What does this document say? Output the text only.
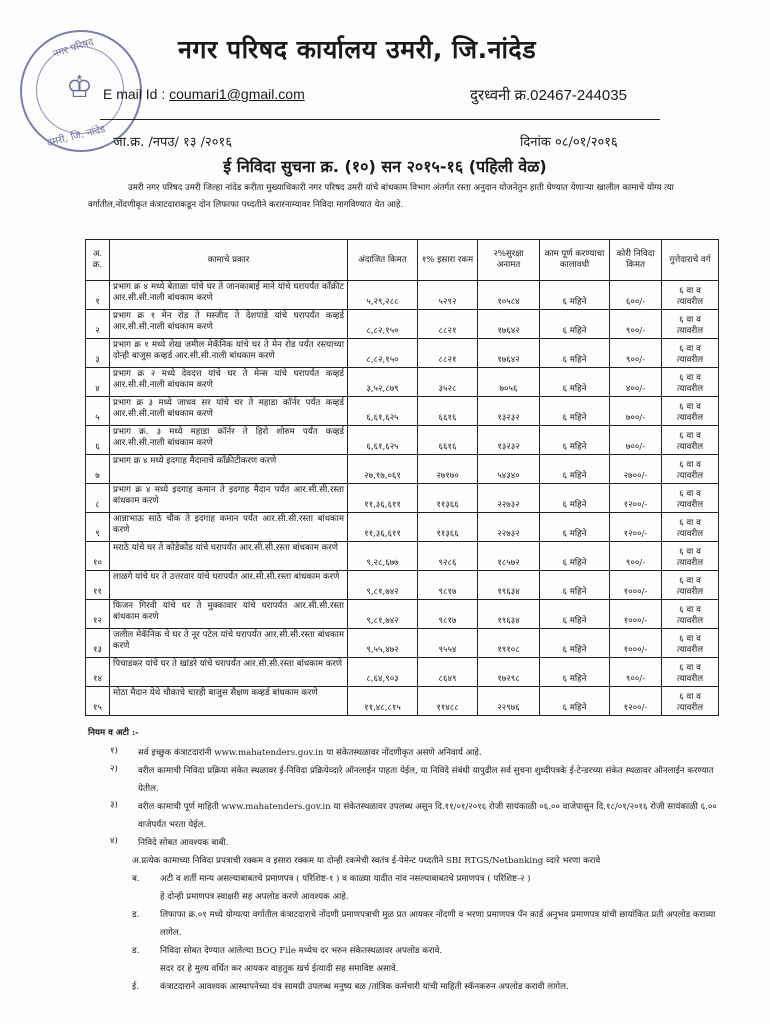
नगर परिषद
♔
उमरी, जि. नांदेड
नगर परिषद कार्यालय उमरी, जि.नांदेड
E mail Id : coumari1@gmail.com	दुरध्वनी क्र.02467-244035
जा.क्र. /नपउ/ १३ /२०१६	दिनांक ०८/०१/२०१६
ई निविदा सुचना क्र. (१०) सन २०१५-१६ (पहिली वेळ)
उमरी नगर परिषद उमरी जिल्हा नांदेड करीता मुख्याधिकारी नगर परिषद उमरी यांचे बांधकाम विभाग अंतर्गत रस्ता अनुदान योजनेतुन हाती घेण्यात येणाऱ्या खालील कामाचे योग्य त्या वर्गातील,नोंदणीकृत कंत्राटदाराकडून दोन लिफाफा पध्दतीने करारनाम्यावर निविदा मागविण्यात येत आहे.
अ. क्र.	कामाचे प्रकार	अंदाजित किमत	१% इसारा रकम	२%सुरक्षा अनामत	काम पूर्ण करण्याचा कालावधी	कोरी निविदा किमत	गुत्तेदाराचे वर्ग
१	प्रभाग क्र ४ मध्ये बेताळा यांचे घर ते जानकाबाई माने यांचे घरापर्यंत काँक्रीट आर.सी.सी.नाली बांधकाम करणे	५,२९,२८८	५२९२	१०५८४	६ महिने	६००/-	६ वा व त्यावरील
२	प्रभाग क्र १ मेन रोड ते मस्जीद ते देशपांडे यांचे घरापर्यंत कव्हर्ड आर.सी.सी.नाली बांधकाम करणे	८,८२,१५०	८८२१	१७६४२	६ महिने	९००/-	६ वा व त्यावरील
३	प्रभाग क्र १ मध्ये शेख जमील मेकॅनिक यांचे घर ते मेन रोड पर्यंत रस्त्याच्या दोन्ही बाजुस कव्हर्ड आर.सी.सी.नाली बांधकाम करणे	८,८२,१५०	८८२१	१७६४२	६ महिने	९००/-	६ वा व त्यावरील
४	प्रभाग क्र २ मध्ये देवदत्त यांचे घर ते मेन्स यांचे घरापर्यंत कव्हर्ड आर.सी.सी.नाली बांधकाम करणे	३,५२,८७९	३५२८	७०५६	६ महिने	४००/-	६ वा व त्यावरील
५	प्रभाग क्र ३ मध्ये जाधव सर यांचे घर ते महाडा कॉर्नर पर्यंत कव्हर्ड आर.सी.सी.नाली बांधकाम करणे	६,६१,६२५	६६१६	१३२३२	६ महिने	७००/-	६ वा व त्यावरील
६	प्रभाग क्र. ३ मध्ये महाडा कॉर्नर ते हिरो शोरुम पर्यंत कव्हर्ड आर.सी.सी.नाली बांधकाम करणे	६,६१,६२५	६६१६	१३२३२	६ महिने	७००/-	६ वा व त्यावरील
७	प्रभाग क्र ४ मध्ये इदगाह मैदानाचे काँक्रीटीकरण करणे	२७,१७,०६१	२७१७०	५४३४०	६ महिने	२७००/-	६ वा व त्यावरील
८	प्रभाग क्र ४ मध्ये इदगाह कमान ते इदगाह मैदान पर्यंत आर.सी.सी.रस्ता बांधकाम करणे	११,३६,६११	११३६६	२२७३२	६ महिने	१२००/-	६ वा व त्यावरील
९	आन्नाभाऊ साठे चौक ते इदगाह कमान पर्यंत आर.सी.सी.रस्ता बांधकाम करणे	११,३६,६११	११३६६	२२७३२	६ महिने	१२००/-	६ वा व त्यावरील
१०	मराठे यांचे घर ते कोडेकोड यांचे घरापर्यंत आर.सी.सी.रस्ता बांधकाम करणे	९,२८,६७७	९२८६	१८५७२	६ महिने	९००/-	६ वा व त्यावरील
११	लाळगे यांचे घर ते उत्तरवार यांचे घरापर्यंत आर.सी.सी.रस्ता बांधकाम करणे	९,८१,७४२	९८१७	१९६३४	६ महिने	१०००/-	६ वा व त्यावरील
१२	फिजन गिरवी यांचे घर ते मुक्कावार यांचे घरापर्यंत आर.सी.सी.रस्ता बांधकाम करणे	९,८१,७४२	९८१७	१९६३४	६ महिने	१०००/-	६ वा व त्यावरील
१३	जलील मेकॅनिक चे घर ते नूर पटेल यांचे घरापर्यंत आर.सी.सी.रस्ता बांधकाम करणे	९,५५,४७२	९५५४	१९१०८	६ महिने	१०००/-	६ वा व त्यावरील
१४	पिचाडकर यांचे घर ते खांडरे यांचे घरापर्यंत आर.सी.सी.रस्ता बांधकाम करणे	८,६४,९०३	८६४९	१७२९८	६ महिने	९००/-	६ वा व त्यावरील
१५	मोठा मैदान येथे चौकाचे चारही बाजुस सैक्षण कव्हर्ड बांधकाम करणे	११,४८,८१५	११४८८	२२९७६	६ महिने	१२००/-	६ वा व त्यावरील
नियम व अटी :-
१)	सर्व इच्छुक कंत्राटदारांनी www.mahatenders.gov.in या संकेतस्थळावर नोंदणीकृत असणे अनिवार्य आहे.
२)	वरील कामाची निविदा प्रक्रिया संकेत स्थळावर ई-निविदा प्रक्रियेव्दारे ऑनलाईन पाहता येईल, या निविदे संबंधी यापुढील सर्व सुचना शुध्दीपत्रके ई-टेन्डरच्या संकेत स्थळावर ऑनलाईन करण्यात येतील.
३)	वरील कामाची पूर्ण माहिती www.mahatenders.gov.in या संकेतस्थळावर उपलब्ध असुन दि.११/०१/२०१६ रोजी सायंकाळी ०६.०० वाजेपासुन दि.१८/०१/२०१६ रोजी सायंकाळी ६.०० वाजेपर्यंत भरता येईल.
४)	निविदे सोबत आवश्यक बाबी.
अ.प्रत्येक कामाच्या निविदा प्रपत्राची रक्कम व इसारा रक्कम या दोन्ही रकमेची स्वतंत्र ई-पेमेन्ट पध्दतीने SBI RTGS/Netbanking व्दारे भरणा करावे
ब.	अटी व शर्ती मान्य असल्याबाबतचे प्रमाणपत्र ( परिशिष्ट-१ ) व काळ्या यादीत नांव नसल्याबाबतचे प्रमाणपत्र ( परिशिष्ट-२ )
हे दोन्ही प्रमाणपत्र स्वाक्षरी सह अपलोड करणे आवश्यक आहे.
ड.	लिफाफा क्र.०१ मध्ये योग्यत्या वर्गातील कंत्राटदाराचे नोंदणी प्रमाणपत्राची मुळ प्रत आयकर नोंदणी व भरणा प्रमाणपत्र पॅन कार्ड अनुभव प्रमाणपत्र यांची छायांकित प्रती अपलोड कराव्या लागेल.
ड.	निविदा सोबत देण्यात आलेल्या BOQ File मध्येच दर भरुन संकेतस्थळावर अपलोड करावे.
सदर दर हे मुल्य वर्धित कर आयकर वाहतुक खर्च ईत्यादी सह समाविष्ट असावे.
ई.	कंत्राटदाराने आवश्यक आस्थापनेच्या यंत्र सामग्री उपलब्ध मनुष्य बळ /तांत्रिक कर्मचारी यांची माहिती स्कॅनकरुन अपलोड करावी लागेल.
